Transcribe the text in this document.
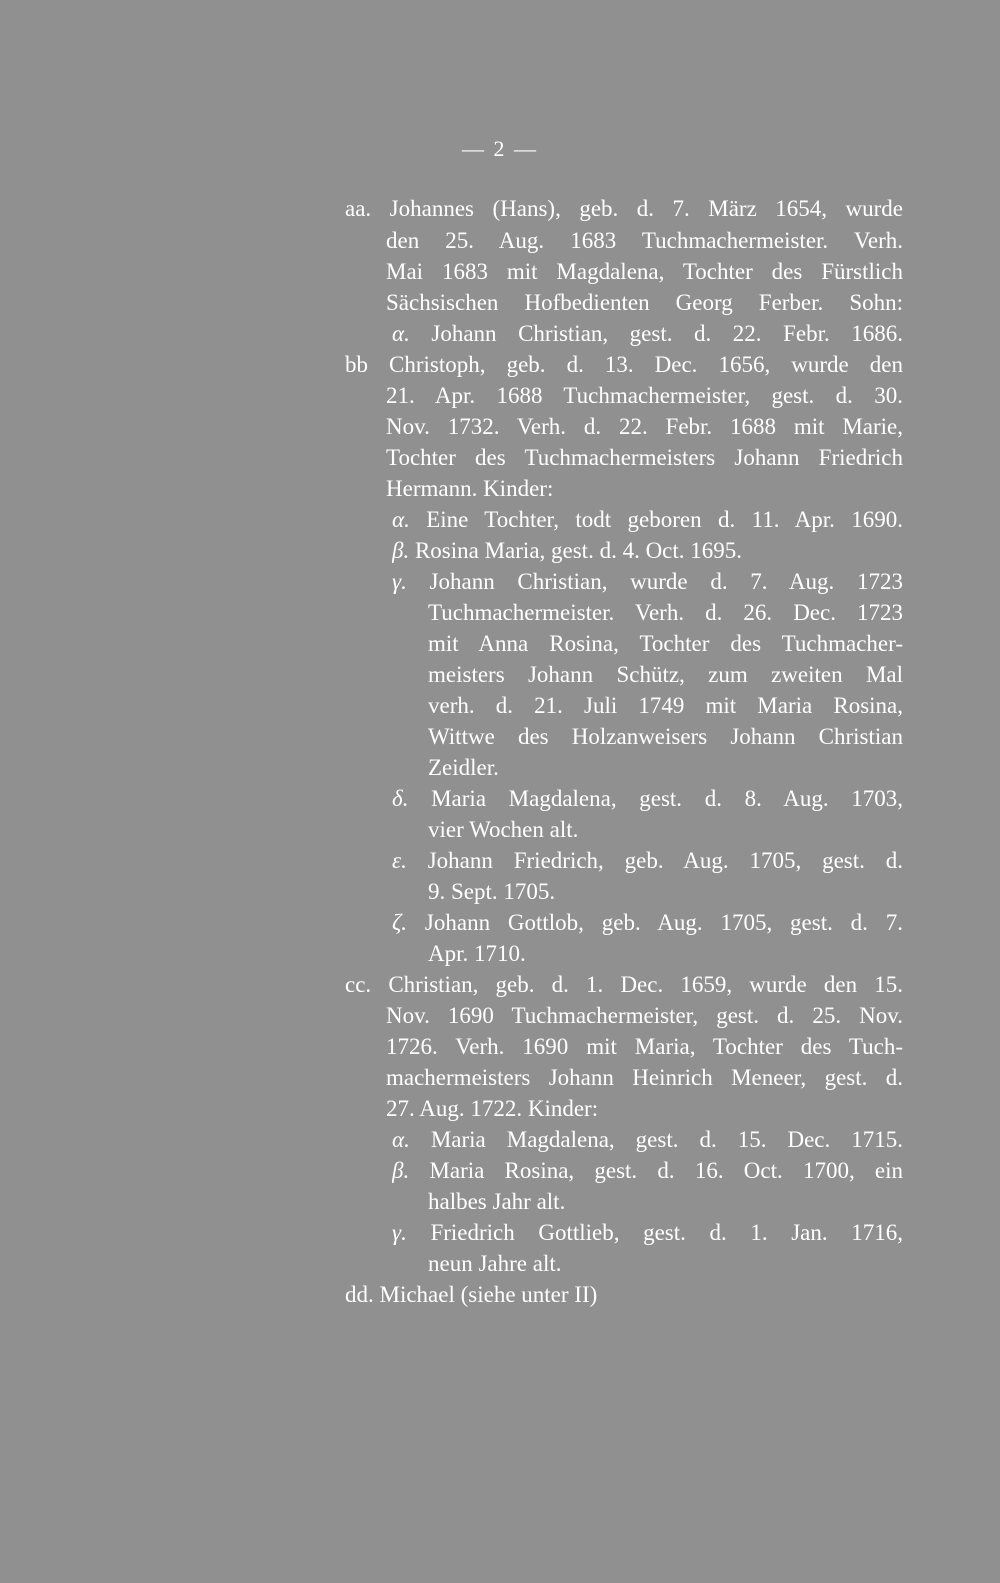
— 2 —
aa. Johannes (Hans), geb. d. 7. März 1654, wurde
den 25. Aug. 1683 Tuchmachermeister. Verh.
Mai 1683 mit Magdalena, Tochter des Fürstlich
Sächsischen Hofbedienten Georg Ferber. Sohn:
α. Johann Christian, gest. d. 22. Febr. 1686.
bb Christoph, geb. d. 13. Dec. 1656, wurde den
21. Apr. 1688 Tuchmachermeister, gest. d. 30.
Nov. 1732. Verh. d. 22. Febr. 1688 mit Marie,
Tochter des Tuchmachermeisters Johann Friedrich
Hermann. Kinder:
α. Eine Tochter, todt geboren d. 11. Apr. 1690.
β. Rosina Maria, gest. d. 4. Oct. 1695.
γ. Johann Christian, wurde d. 7. Aug. 1723
Tuchmachermeister. Verh. d. 26. Dec. 1723
mit Anna Rosina, Tochter des Tuchmacher-
meisters Johann Schütz, zum zweiten Mal
verh. d. 21. Juli 1749 mit Maria Rosina,
Wittwe des Holzanweisers Johann Christian
Zeidler.
δ. Maria Magdalena, gest. d. 8. Aug. 1703,
vier Wochen alt.
ε. Johann Friedrich, geb. Aug. 1705, gest. d.
9. Sept. 1705.
ζ. Johann Gottlob, geb. Aug. 1705, gest. d. 7.
Apr. 1710.
cc. Christian, geb. d. 1. Dec. 1659, wurde den 15.
Nov. 1690 Tuchmachermeister, gest. d. 25. Nov.
1726. Verh. 1690 mit Maria, Tochter des Tuch-
machermeisters Johann Heinrich Meneer, gest. d.
27. Aug. 1722. Kinder:
α. Maria Magdalena, gest. d. 15. Dec. 1715.
β. Maria Rosina, gest. d. 16. Oct. 1700, ein
halbes Jahr alt.
γ. Friedrich Gottlieb, gest. d. 1. Jan. 1716,
neun Jahre alt.
dd. Michael (siehe unter II)
